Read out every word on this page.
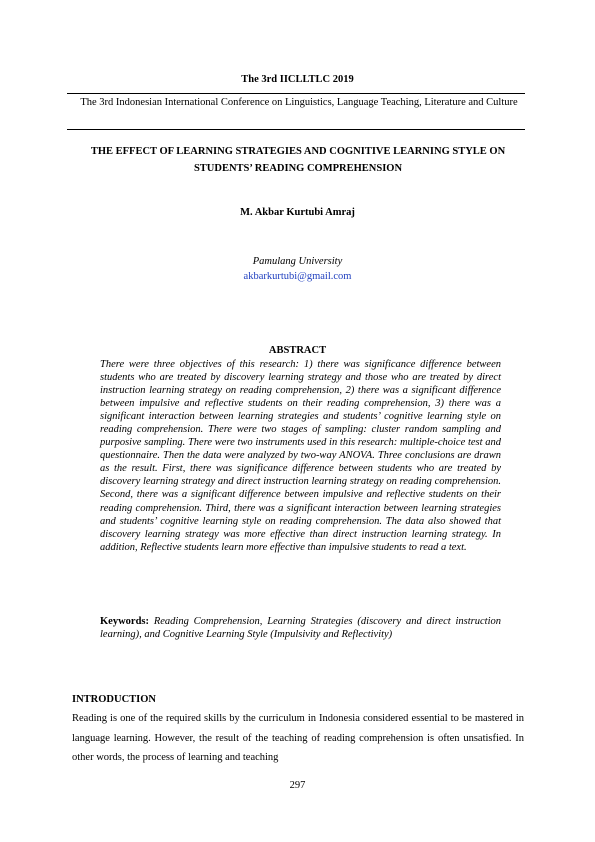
The 3rd IICLLTLC 2019
The 3rd Indonesian International Conference on Linguistics, Language Teaching, Literature and Culture
THE EFFECT OF LEARNING STRATEGIES AND COGNITIVE LEARNING STYLE ON STUDENTS’ READING COMPREHENSION
M. Akbar Kurtubi Amraj
Pamulang University
akbarkurtubi@gmail.com
ABSTRACT
There were three objectives of this research: 1) there was significance difference between students who are treated by discovery learning strategy and those who are treated by direct instruction learning strategy on reading comprehension, 2) there was a significant difference between impulsive and reflective students on their reading comprehension, 3) there was a significant interaction between learning strategies and students’ cognitive learning style on reading comprehension. There were two stages of sampling: cluster random sampling and purposive sampling. There were two instruments used in this research: multiple-choice test and questionnaire. Then the data were analyzed by two-way ANOVA. Three conclusions are drawn as the result. First, there was significance difference between students who are treated by discovery learning strategy and direct instruction learning strategy on reading comprehension. Second, there was a significant difference between impulsive and reflective students on their reading comprehension. Third, there was a significant interaction between learning strategies and students’ cognitive learning style on reading comprehension. The data also showed that discovery learning strategy was more effective than direct instruction learning strategy. In addition, Reflective students learn more effective than impulsive students to read a text.
Keywords: Reading Comprehension, Learning Strategies (discovery and direct instruction learning), and Cognitive Learning Style (Impulsivity and Reflectivity)
INTRODUCTION
Reading is one of the required skills by the curriculum in Indonesia considered essential to be mastered in language learning. However, the result of the teaching of reading comprehension is often unsatisfied. In other words, the process of learning and teaching
297
